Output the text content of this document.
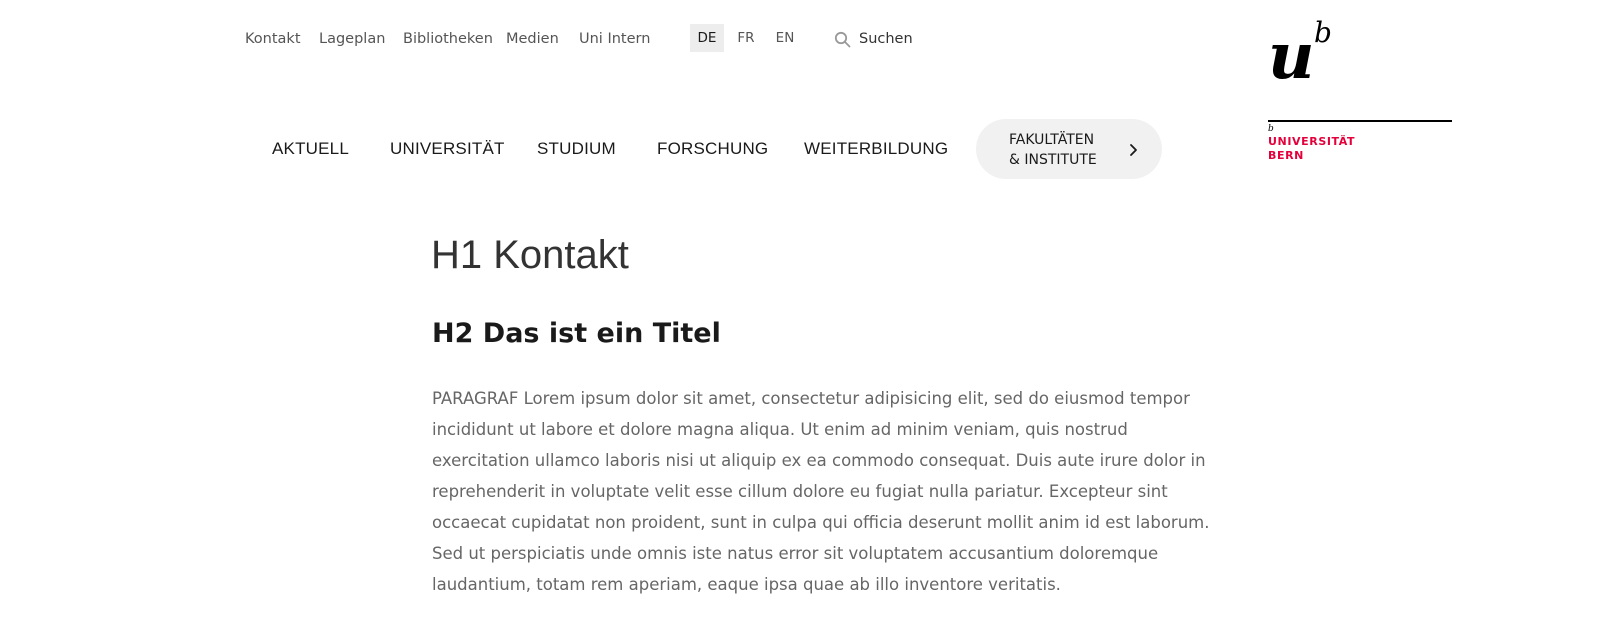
Kontakt Lageplan Bibliotheken Medien Uni Intern	DE	FR	EN	Suchen
AKTUELL UNIVERSITÄT STUDIUM FORSCHUNG WEITERBILDUNG	FAKULTÄTEN
& INSTITUTE
u b
b
UNIVERSITÄT
BERN
H1 Kontakt
H2 Das ist ein Titel

PARAGRAF Lorem ipsum dolor sit amet, consectetur adipisicing elit, sed do eiusmod tempor
incididunt ut labore et dolore magna aliqua. Ut enim ad minim veniam, quis nostrud
exercitation ullamco laboris nisi ut aliquip ex ea commodo consequat. Duis aute irure dolor in
reprehenderit in voluptate velit esse cillum dolore eu fugiat nulla pariatur. Excepteur sint
occaecat cupidatat non proident, sunt in culpa qui officia deserunt mollit anim id est laborum.
Sed ut perspiciatis unde omnis iste natus error sit voluptatem accusantium doloremque
laudantium, totam rem aperiam, eaque ipsa quae ab illo inventore veritatis.
